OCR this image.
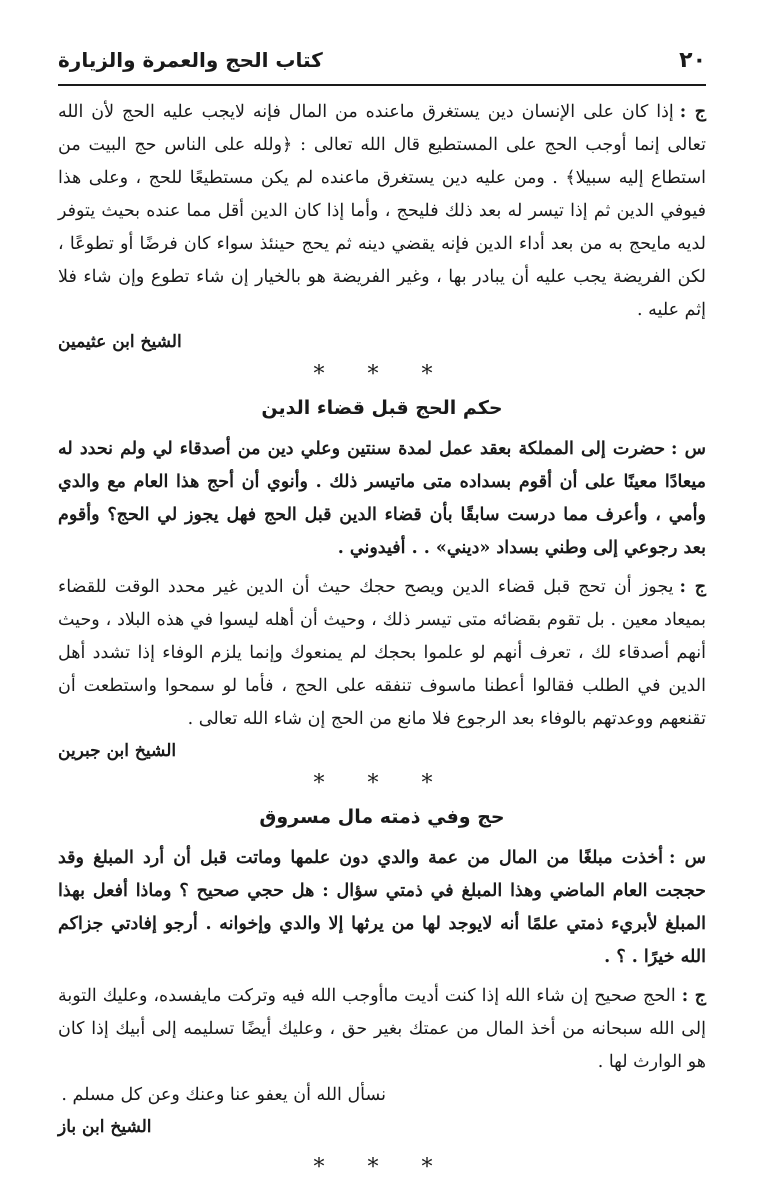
٢٠
كتاب الحج والعمرة والزيارة

ج :إذا كان على الإنسان دين يستغرق ماعنده من المال فإنه لايجب عليه الحج لأن الله تعالى إنما أوجب الحج على المستطيع قال الله تعالى : ﴿ولله على الناس حج البيت من استطاع إليه سبيلا﴾ . ومن عليه دين يستغرق ماعنده لم يكن مستطيعًا للحج ، وعلى هذا فيوفي الدين ثم إذا تيسر له بعد ذلك فليحج ، وأما إذا كان الدين أقل مما عنده بحيث يتوفر لديه مايحج به من بعد أداء الدين فإنه يقضي دينه ثم يحج حينئذ سواء كان فرضًا أو تطوعًا ، لكن الفريضة يجب عليه أن يبادر بها ، وغير الفريضة هو بالخيار إن شاء تطوع وإن شاء فلا إثم عليه .

الشيخ ابن عثيمين

* * *
حكم الحج قبل قضاء الدين

س :حضرت إلى المملكة بعقد عمل لمدة سنتين وعلي دين من أصدقاء لي ولم نحدد له ميعادًا معينًا على أن أقوم بسداده متى ماتيسر ذلك . وأنوي أن أحج هذا العام مع والدي وأمي ، وأعرف مما درست سابقًا بأن قضاء الدين قبل الحج فهل يجوز لي الحج؟ وأقوم بعد رجوعي إلى وطني بسداد «ديني» . . أفيدوني .

ج :يجوز أن تحج قبل قضاء الدين ويصح حجك حيث أن الدين غير محدد الوقت للقضاء بميعاد معين . بل تقوم بقضائه متى تيسر ذلك ، وحيث أن أهله ليسوا في هذه البلاد ، وحيث أنهم أصدقاء لك ، تعرف أنهم لو علموا بحجك لم يمنعوك وإنما يلزم الوفاء إذا تشدد أهل الدين في الطلب فقالوا أعطنا ماسوف تنفقه على الحج ، فأما لو سمحوا واستطعت أن تقنعهم ووعدتهم بالوفاء بعد الرجوع فلا مانع من الحج إن شاء الله تعالى .

الشيخ ابن جبرين

* * *
حج وفي ذمته مال مسروق

س :أخذت مبلغًا من المال من عمة والدي دون علمها وماتت قبل أن أرد المبلغ وقد حججت العام الماضي وهذا المبلغ في ذمتي سؤال : هل حجي صحيح ؟ وماذا أفعل بهذا المبلغ لأبريء ذمتي علمًا أنه لايوجد لها من يرثها إلا والدي وإخوانه . أرجو إفادتي جزاكم الله خيرًا . ؟ .

ج :الحج صحيح إن شاء الله إذا كنت أديت ماأوجب الله فيه وتركت مايفسده، وعليك التوبة إلى الله سبحانه من أخذ المال من عمتك بغير حق ، وعليك أيضًا تسليمه إلى أبيك إذا كان هو الوارث لها .

نسأل الله أن يعفو عنا وعنك وعن كل مسلم .

الشيخ ابن باز

* * *
